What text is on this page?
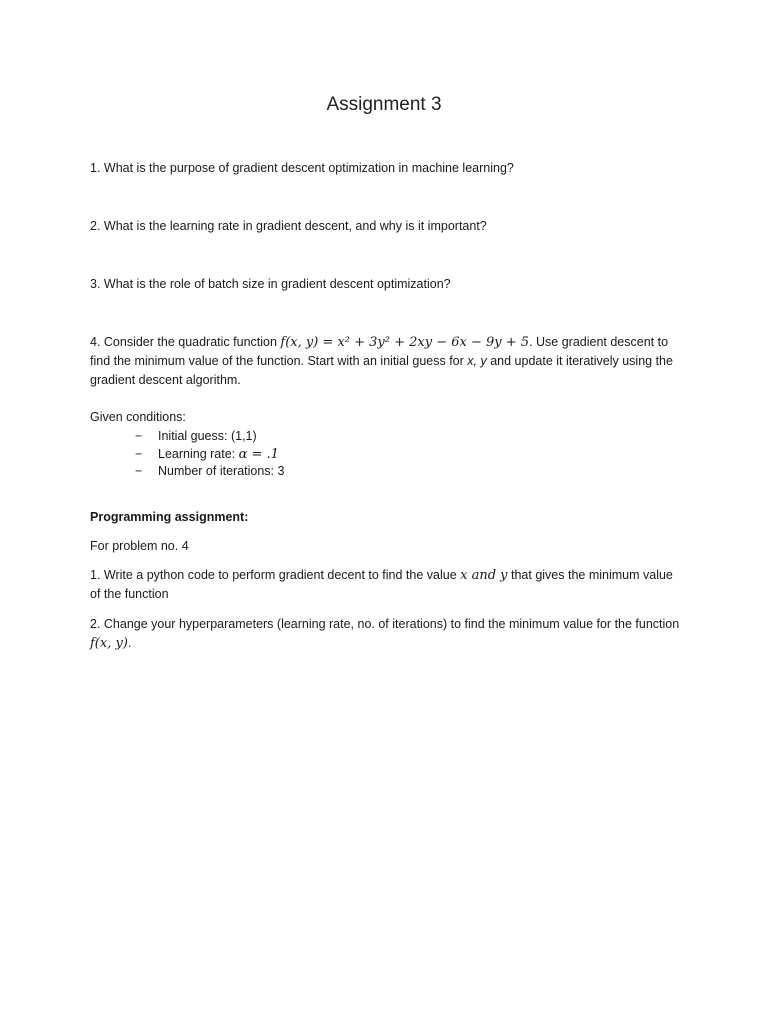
Assignment 3
1. What is the purpose of gradient descent optimization in machine learning?
2. What is the learning rate in gradient descent, and why is it important?
3. What is the role of batch size in gradient descent optimization?
4. Consider the quadratic function f(x, y) = x² + 3y² + 2xy − 6x − 9y + 5. Use gradient descent to find the minimum value of the function. Start with an initial guess for x, y and update it iteratively using the gradient descent algorithm.
Given conditions:
− Initial guess: (1,1)
− Learning rate: α = .1
− Number of iterations: 3
Programming assignment:
For problem no. 4
1. Write a python code to perform gradient decent to find the value x and y that gives the minimum value of the function
2. Change your hyperparameters (learning rate, no. of iterations) to find the minimum value for the function f(x, y).
